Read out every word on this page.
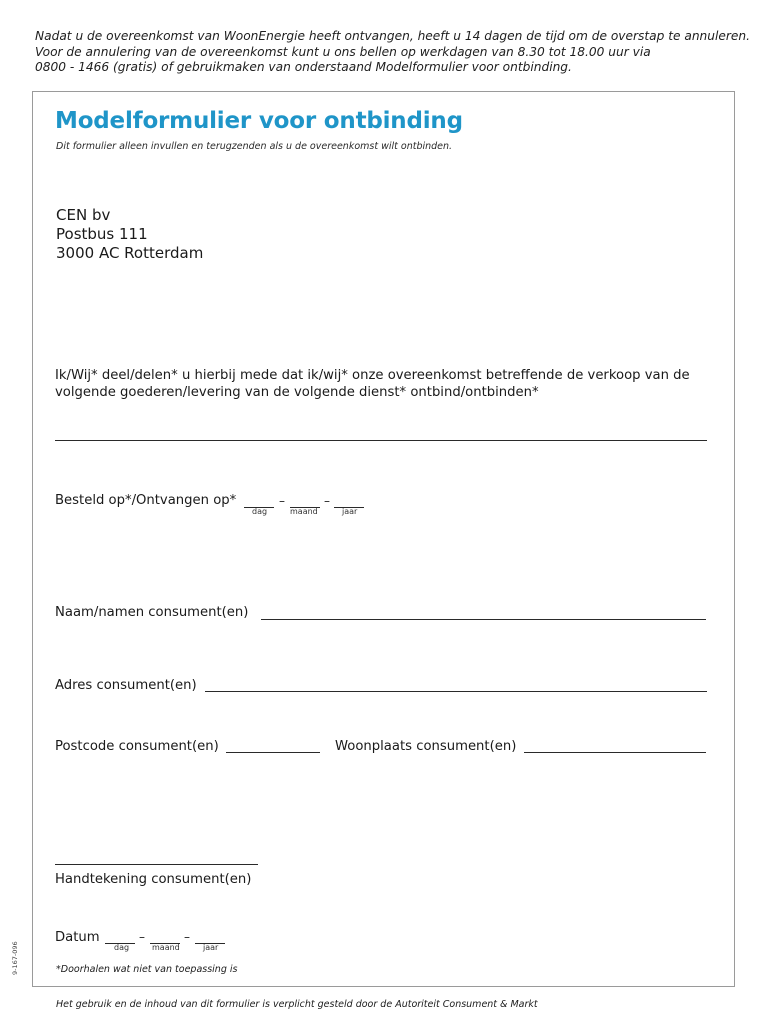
Nadat u de overeenkomst van WoonEnergie heeft ontvangen, heeft u 14 dagen de tijd om de overstap te annuleren.
Voor de annulering van de overeenkomst kunt u ons bellen op werkdagen van 8.30 tot 18.00 uur via
0800 - 1466 (gratis) of gebruikmaken van onderstaand Modelformulier voor ontbinding.
Modelformulier voor ontbinding
Dit formulier alleen invullen en terugzenden als u de overeenkomst wilt ontbinden.
CEN bv
Postbus 111
3000 AC Rotterdam
Ik/Wij* deel/delen* u hierbij mede dat ik/wij* onze overeenkomst betreffende de verkoop van de
volgende goederen/levering van de volgende dienst* ontbind/ontbinden*
Besteld op*/Ontvangen op*	–	–
dag	maand	jaar
Naam/namen consument(en)
Adres consument(en)
Postcode consument(en)	Woonplaats consument(en)
Handtekening consument(en)
Datum	–	–
dag	maand	jaar
*Doorhalen wat niet van toepassing is
9-167-096
Het gebruik en de inhoud van dit formulier is verplicht gesteld door de Autoriteit Consument & Markt
